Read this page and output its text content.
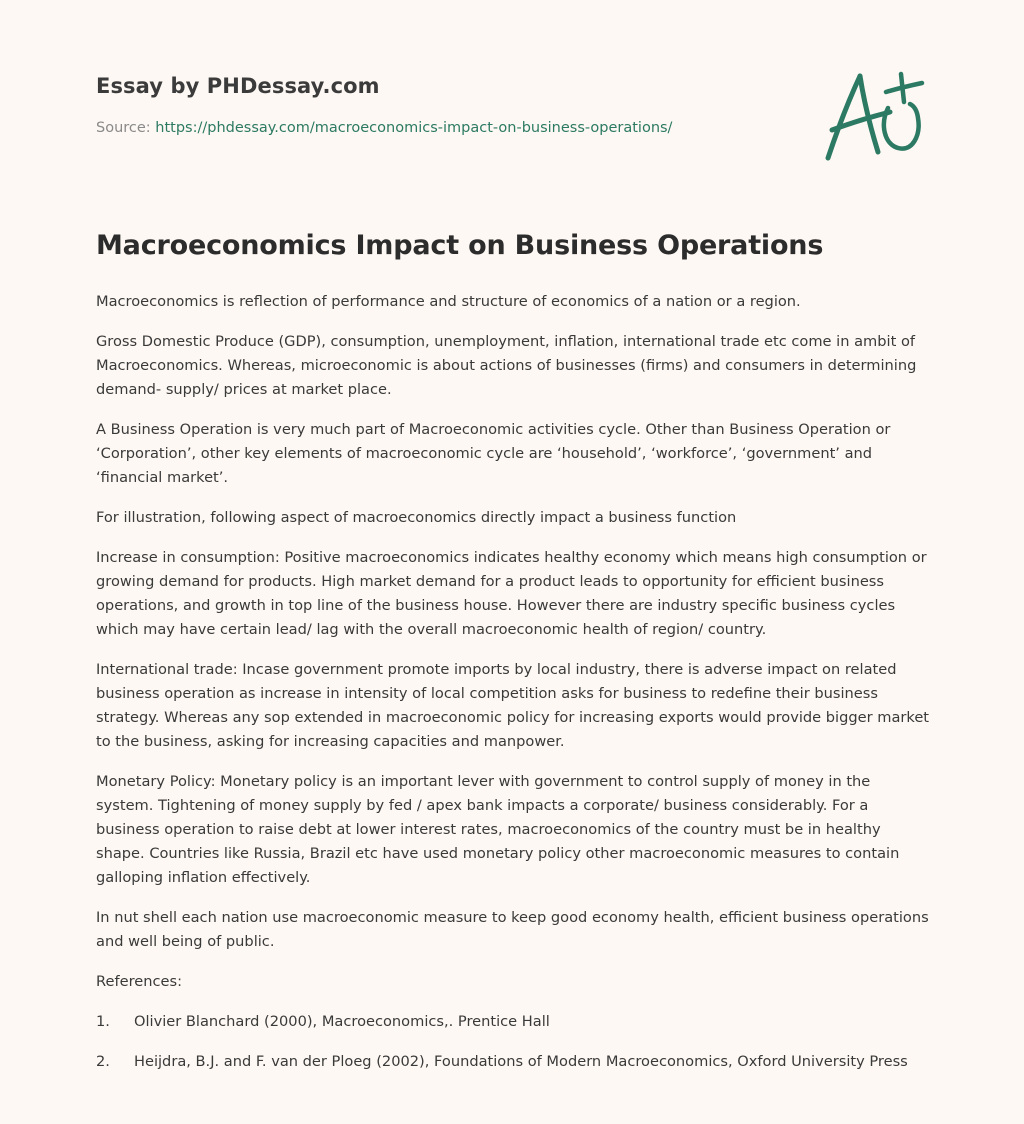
Essay by PHDessay.com
Source: https://phdessay.com/macroeconomics-impact-on-business-operations/
Macroeconomics Impact on Business Operations

Macroeconomics is reflection of performance and structure of economics of a nation or a region.

Gross Domestic Produce (GDP), consumption, unemployment, inflation, international trade etc come in ambit of Macroeconomics. Whereas, microeconomic is about actions of businesses (firms) and consumers in determining demand- supply/ prices at market place.

A Business Operation is very much part of Macroeconomic activities cycle. Other than Business Operation or ‘Corporation’, other key elements of macroeconomic cycle are ‘household’, ‘workforce’, ‘government’ and ‘financial market’.

For illustration, following aspect of macroeconomics directly impact a business function

Increase in consumption: Positive macroeconomics indicates healthy economy which means high consumption or growing demand for products. High market demand for a product leads to opportunity for efficient business operations, and growth in top line of the business house. However there are industry specific business cycles which may have certain lead/ lag with the overall macroeconomic health of region/ country.

International trade: Incase government promote imports by local industry, there is adverse impact on related business operation as increase in intensity of local competition asks for business to redefine their business strategy. Whereas any sop extended in macroeconomic policy for increasing exports would provide bigger market to the business, asking for increasing capacities and manpower.

Monetary Policy: Monetary policy is an important lever with government to control supply of money in the system. Tightening of money supply by fed / apex bank impacts a corporate/ business considerably. For a business operation to raise debt at lower interest rates, macroeconomics of the country must be in healthy shape. Countries like Russia, Brazil etc have used monetary policy other macroeconomic measures to contain galloping inflation effectively.

In nut shell each nation use macroeconomic measure to keep good economy health, efficient business operations and well being of public.

References:

1.	Olivier Blanchard (2000), Macroeconomics,. Prentice Hall
2.	Heijdra, B.J. and F. van der Ploeg (2002), Foundations of Modern Macroeconomics, Oxford University Press
